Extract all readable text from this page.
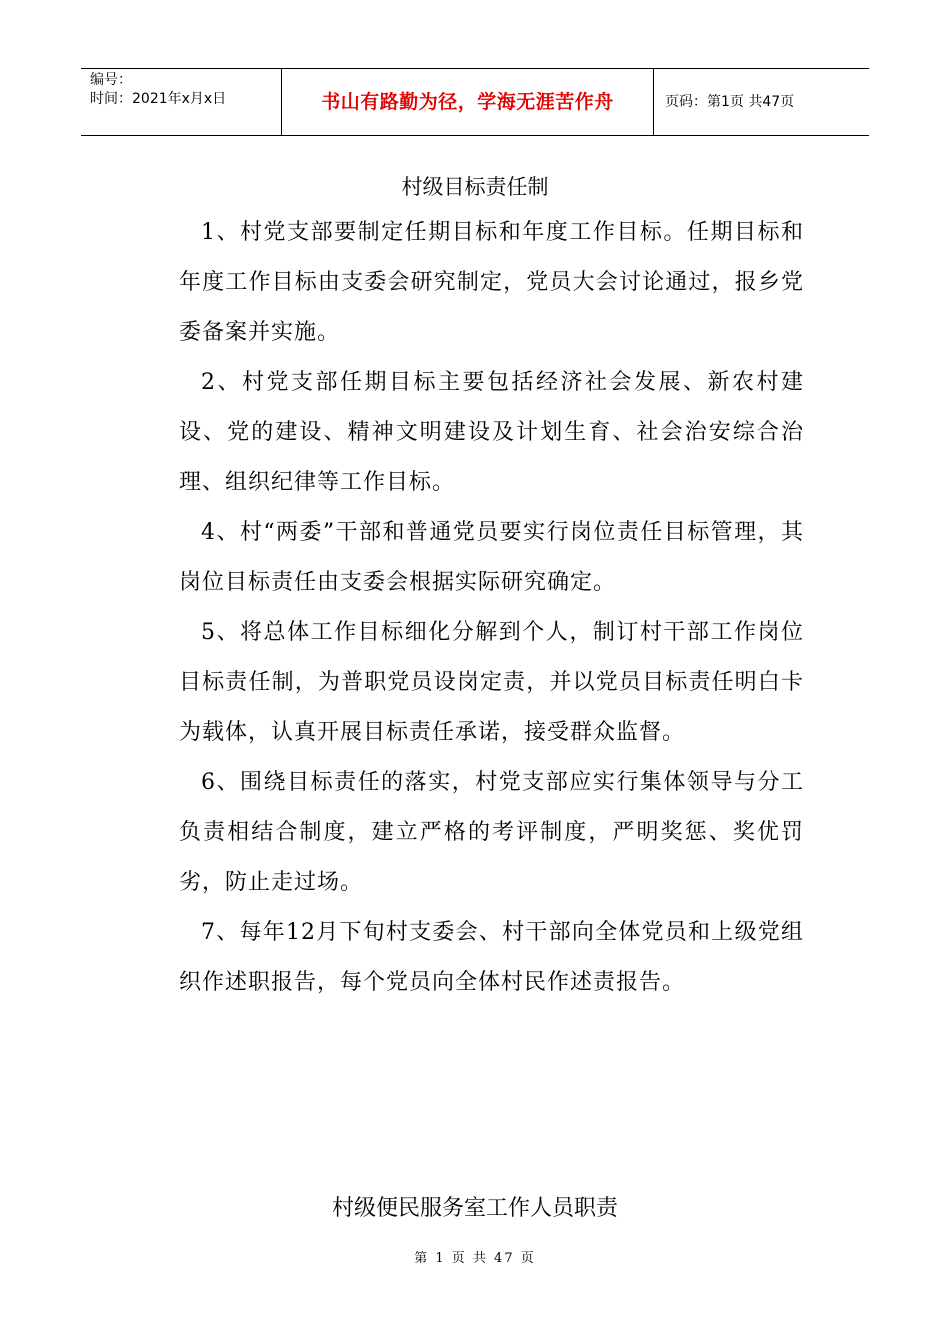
编号：
时间：2021年x月x日	书山有路勤为径，学海无涯苦作舟	页码：第1页 共47页
村级目标责任制

1、村党支部要制定任期目标和年度工作目标。任期目标和年度工作目标由支委会研究制定，党员大会讨论通过，报乡党委备案并实施。

2、村党支部任期目标主要包括经济社会发展、新农村建设、党的建设、精神文明建设及计划生育、社会治安综合治理、组织纪律等工作目标。

4、村“两委”干部和普通党员要实行岗位责任目标管理，其岗位目标责任由支委会根据实际研究确定。

5、将总体工作目标细化分解到个人，制订村干部工作岗位目标责任制，为普职党员设岗定责，并以党员目标责任明白卡为载体，认真开展目标责任承诺，接受群众监督。

6、围绕目标责任的落实，村党支部应实行集体领导与分工负责相结合制度，建立严格的考评制度，严明奖惩、奖优罚劣，防止走过场。

7、每年12月下旬村支委会、村干部向全体党员和上级党组织作述职报告，每个党员向全体村民作述责报告。

村级便民服务室工作人员职责
第 1 页 共 47 页
